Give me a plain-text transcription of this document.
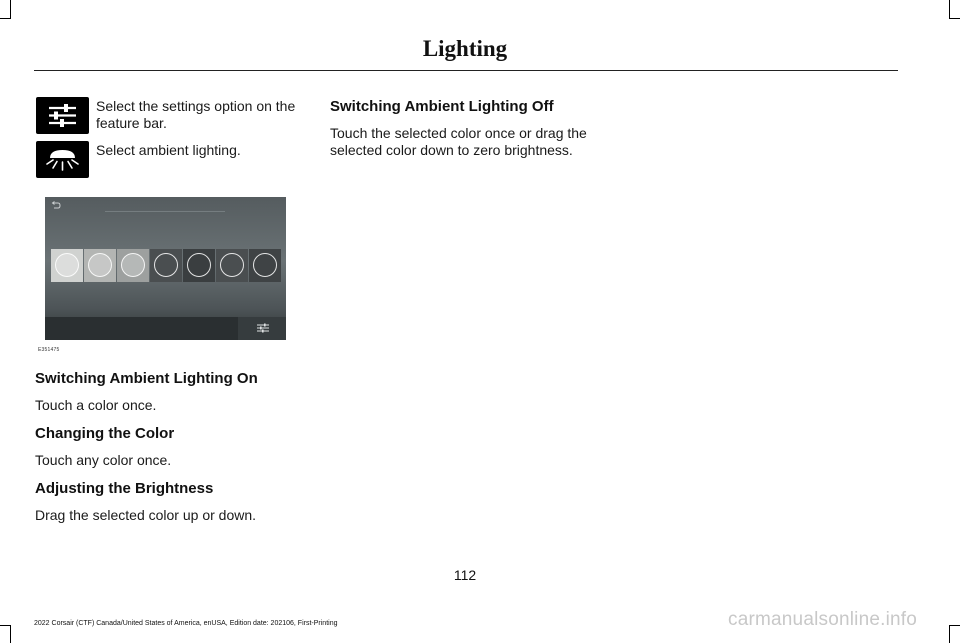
Lighting
Select the settings option on the feature bar.
Select ambient lighting.
E351475
Switching Ambient Lighting On
Touch a color once.
Changing the Color
Touch any color once.
Adjusting the Brightness
Drag the selected color up or down.
Switching Ambient Lighting Off
Touch the selected color once or drag the selected color down to zero brightness.
112
2022 Corsair (CTF) Canada/United States of America, enUSA, Edition date: 202106, First-Printing	carmanualsonline.info
